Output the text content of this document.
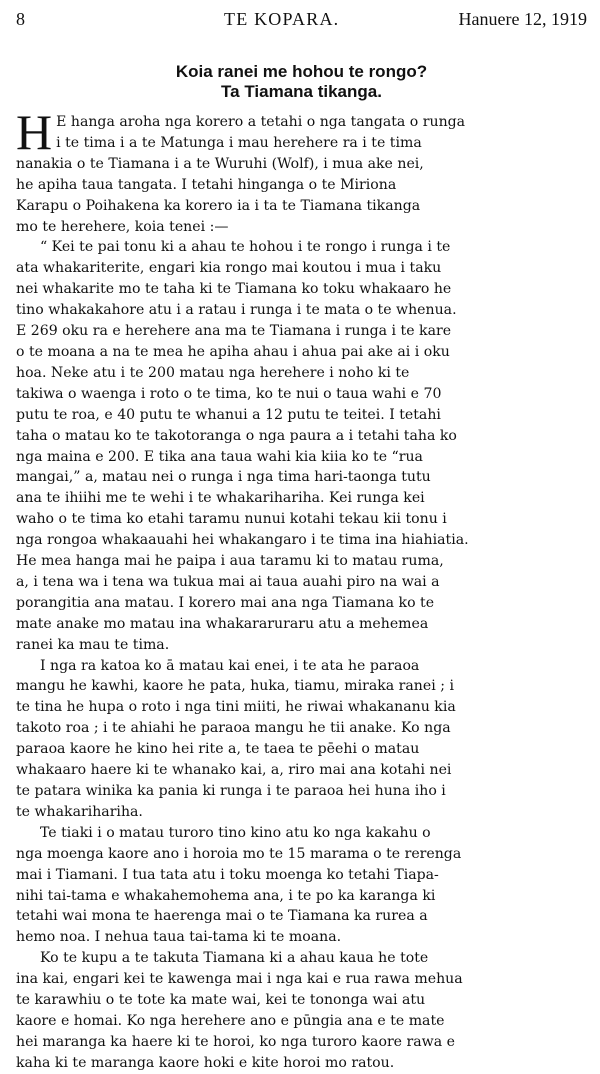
8	TE KOPARA.	Hanuere 12, 1919
Koia ranei me hohou te rongo?
Ta Tiamana tikanga.
H E hanga aroha nga korero a tetahi o nga tangata o runga
i te tima i a te Matunga i mau herehere ra i te tima
nanakia o te Tiamana i a te Wuruhi (Wolf), i mua ake nei,
he apiha taua tangata. I tetahi hinganga o te Miriona
Karapu o Poihakena ka korero ia i ta te Tiamana tikanga
mo te herehere, koia tenei :—
“ Kei te pai tonu ki a ahau te hohou i te rongo i runga i te
ata whakariterite, engari kia rongo mai koutou i mua i taku
nei whakarite mo te taha ki te Tiamana ko toku whakaaro he
tino whakakahore atu i a ratau i runga i te mata o te whenua.
E 269 oku ra e herehere ana ma te Tiamana i runga i te kare
o te moana a na te mea he apiha ahau i ahua pai ake ai i oku
hoa. Neke atu i te 200 matau nga herehere i noho ki te
takiwa o waenga i roto o te tima, ko te nui o taua wahi e 70
putu te roa, e 40 putu te whanui a 12 putu te teitei. I tetahi
taha o matau ko te takotoranga o nga paura a i tetahi taha ko
nga maina e 200. E tika ana taua wahi kia kiia ko te “rua
mangai,” a, matau nei o runga i nga tima hari-taonga tutu
ana te ihiihi me te wehi i te whakarihariha. Kei runga kei
waho o te tima ko etahi taramu nunui kotahi tekau kii tonu i
nga rongoa whakaauahi hei whakangaro i te tima ina hiahiatia.
He mea hanga mai he paipa i aua taramu ki to matau ruma,
a, i tena wa i tena wa tukua mai ai taua auahi piro na wai a
porangitia ana matau. I korero mai ana nga Tiamana ko te
mate anake mo matau ina whakararuraru atu a mehemea
ranei ka mau te tima.
I nga ra katoa ko ā matau kai enei, i te ata he paraoa
mangu he kawhi, kaore he pata, huka, tiamu, miraka ranei ; i
te tina he hupa o roto i nga tini miiti, he riwai whakananu kia
takoto roa ; i te ahiahi he paraoa mangu he tii anake. Ko nga
paraoa kaore he kino hei rite a, te taea te pēehi o matau
whakaaro haere ki te whanako kai, a, riro mai ana kotahi nei
te patara winika ka pania ki runga i te paraoa hei huna iho i
te whakarihariha.
Te tiaki i o matau turoro tino kino atu ko nga kakahu o
nga moenga kaore ano i horoia mo te 15 marama o te rerenga
mai i Tiamani. I tua tata atu i toku moenga ko tetahi Tiapa-
nihi tai-tama e whakahemohema ana, i te po ka karanga ki
tetahi wai mona te haerenga mai o te Tiamana ka rurea a
hemo noa. I nehua taua tai-tama ki te moana.
Ko te kupu a te takuta Tiamana ki a ahau kaua he tote
ina kai, engari kei te kawenga mai i nga kai e rua rawa mehua
te karawhiu o te tote ka mate wai, kei te tononga wai atu
kaore e homai. Ko nga herehere ano e pūngia ana e te mate
hei maranga ka haere ki te horoi, ko nga turoro kaore rawa e
kaha ki te maranga kaore hoki e kite horoi mo ratou.
